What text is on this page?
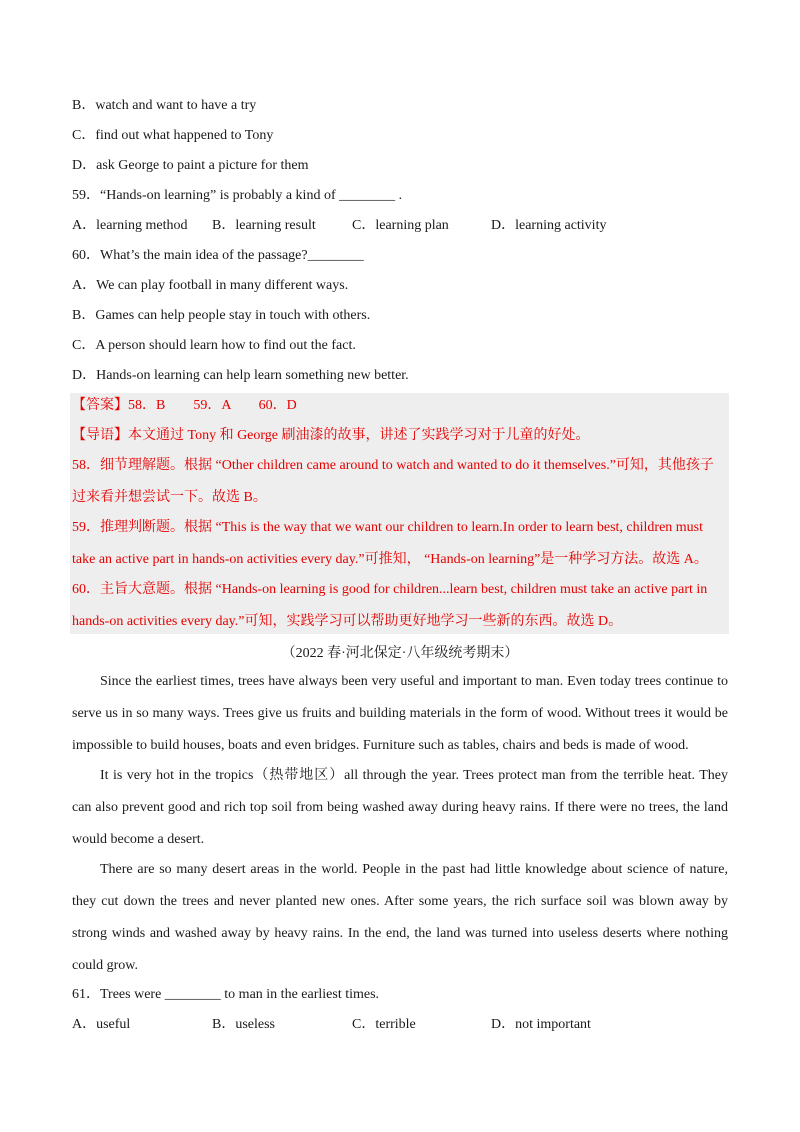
B．watch and want to have a try
C．find out what happened to Tony
D．ask George to paint a picture for them
59．“Hands-on learning” is probably a kind of ________ .
A．learning method B．learning result	C．learning plan	D．learning activity
60．What’s the main idea of the passage?________
A．We can play football in many different ways.
B．Games can help people stay in touch with others.
C．A person should learn how to find out the fact.
D．Hands-on learning can help learn something new better.
【答案】58．B　　59．A　　60．D
【导语】本文通过 Tony 和 George 刷油漆的故事，讲述了实践学习对于儿童的好处。
58．细节理解题。根据 “Other children came around to watch and wanted to do it themselves.”可知，其他孩子
过来看并想尝试一下。故选 B。
59．推理判断题。根据 “This is the way that we want our children to learn.In order to learn best, children must
take an active part in hands-on activities every day.”可推知， “Hands-on learning”是一种学习方法。故选 A。
60．主旨大意题。根据 “Hands-on learning is good for children...learn best, children must take an active part in
hands-on activities every day.”可知，实践学习可以帮助更好地学习一些新的东西。故选 D。
（2022 春·河北保定·八年级统考期末）
Since the earliest times, trees have always been very useful and important to man. Even today trees continue to serve us in so many ways. Trees give us fruits and building materials in the form of wood. Without trees it would be impossible to build houses, boats and even bridges. Furniture such as tables, chairs and beds is made of wood.
It is very hot in the tropics（热带地区）all through the year. Trees protect man from the terrible heat. They can also prevent good and rich top soil from being washed away during heavy rains. If there were no trees, the land would become a desert.
There are so many desert areas in the world. People in the past had little knowledge about science of nature, they cut down the trees and never planted new ones. After some years, the rich surface soil was blown away by strong winds and washed away by heavy rains. In the end, the land was turned into useless deserts where nothing could grow.
61．Trees were ________ to man in the earliest times.
A．useful	B．useless	C．terrible	D．not important
